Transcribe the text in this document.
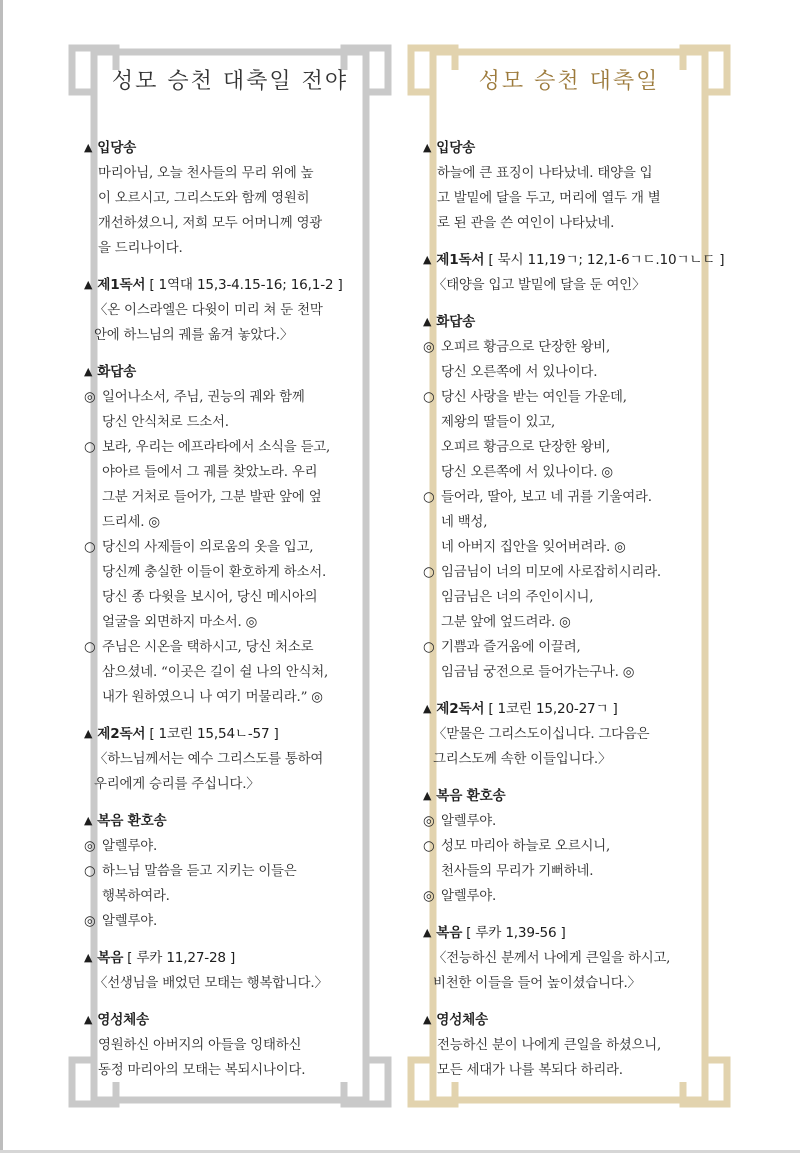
성모 승천 대축일 전야
▲ 입당송
마리아님, 오늘 천사들의 무리 위에 높
이 오르시고, 그리스도와 함께 영원히
개선하셨으니, 저희 모두 어머니께 영광
을 드리나이다.
▲ 제1독서 [ 1역대 15,3-4.15-16; 16,1-2 ]
〈온 이스라엘은 다윗이 미리 쳐 둔 천막
안에 하느님의 궤를 옮겨 놓았다.〉
▲ 화답송
◎ 일어나소서, 주님, 권능의 궤와 함께
당신 안식처로 드소서.
○ 보라, 우리는 에프라타에서 소식을 듣고,
야아르 들에서 그 궤를 찾았노라. 우리
그분 거처로 들어가, 그분 발판 앞에 엎
드리세. ◎
○ 당신의 사제들이 의로움의 옷을 입고,
당신께 충실한 이들이 환호하게 하소서.
당신 종 다윗을 보시어, 당신 메시아의
얼굴을 외면하지 마소서. ◎
○ 주님은 시온을 택하시고, 당신 처소로
삼으셨네. “이곳은 길이 쉴 나의 안식처,
내가 원하였으니 나 여기 머물리라.” ◎
▲ 제2독서 [ 1코린 15,54ㄴ-57 ]
〈하느님께서는 예수 그리스도를 통하여
우리에게 승리를 주십니다.〉
▲ 복음 환호송
◎ 알렐루야.
○ 하느님 말씀을 듣고 지키는 이들은
행복하여라.
◎ 알렐루야.
▲ 복음 [ 루카 11,27-28 ]
〈선생님을 배었던 모태는 행복합니다.〉
▲ 영성체송
영원하신 아버지의 아들을 잉태하신
동정 마리아의 모태는 복되시나이다.
성모 승천 대축일
▲ 입당송
하늘에 큰 표징이 나타났네. 태양을 입
고 발밑에 달을 두고, 머리에 열두 개 별
로 된 관을 쓴 여인이 나타났네.
▲ 제1독서 [ 묵시 11,19ㄱ; 12,1-6ㄱㄷ.10ㄱㄴㄷ ]
〈태양을 입고 발밑에 달을 둔 여인〉
▲ 화답송
◎ 오피르 황금으로 단장한 왕비,
당신 오른쪽에 서 있나이다.
○ 당신 사랑을 받는 여인들 가운데,
제왕의 딸들이 있고,
오피르 황금으로 단장한 왕비,
당신 오른쪽에 서 있나이다. ◎
○ 들어라, 딸아, 보고 네 귀를 기울여라.
네 백성,
네 아버지 집안을 잊어버려라. ◎
○ 임금님이 너의 미모에 사로잡히시리라.
임금님은 너의 주인이시니,
그분 앞에 엎드려라. ◎
○ 기쁨과 즐거움에 이끌려,
임금님 궁전으로 들어가는구나. ◎
▲ 제2독서 [ 1코린 15,20-27ㄱ ]
〈맏물은 그리스도이십니다. 그다음은
그리스도께 속한 이들입니다.〉
▲ 복음 환호송
◎ 알렐루야.
○ 성모 마리아 하늘로 오르시니,
천사들의 무리가 기뻐하네.
◎ 알렐루야.
▲ 복음 [ 루카 1,39-56 ]
〈전능하신 분께서 나에게 큰일을 하시고,
비천한 이들을 들어 높이셨습니다.〉
▲ 영성체송
전능하신 분이 나에게 큰일을 하셨으니,
모든 세대가 나를 복되다 하리라.
